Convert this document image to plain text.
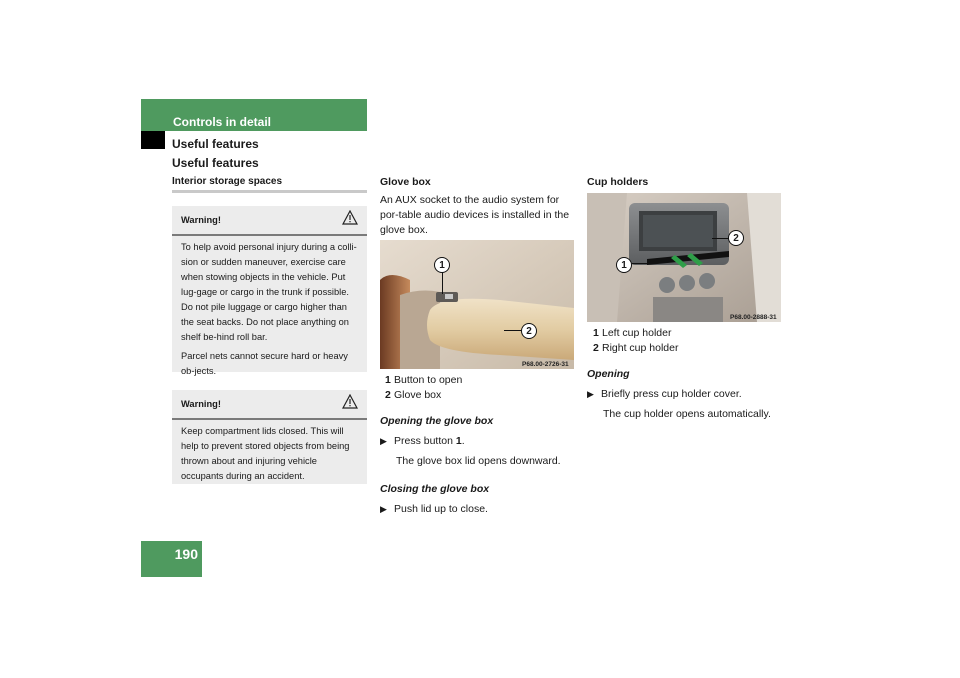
Controls in detail
Useful features
Useful features
Interior storage spaces
Warning!

To help avoid personal injury during a colli-sion or sudden maneuver, exercise care when stowing objects in the vehicle. Put lug-gage or cargo in the trunk if possible. Do not pile luggage or cargo higher than the seat backs. Do not place anything on shelf be-hind roll bar.

Parcel nets cannot secure hard or heavy ob-jects.

Warning!

Keep compartment lids closed. This will help to prevent stored objects from being thrown about and injuring vehicle occupants during an accident.

Glove box

An AUX socket to the audio system for por-table audio devices is installed in the glove box.

1
2
P68.00-2726-31
1 Button to open
2 Glove box
Opening the glove box
▶ Press button 1.
The glove box lid opens downward.
Closing the glove box
▶ Push lid up to close.
Cup holders
1
2
P68.00-2888-31
1 Left cup holder
2 Right cup holder
Opening
▶ Briefly press cup holder cover.
The cup holder opens automatically.
190
